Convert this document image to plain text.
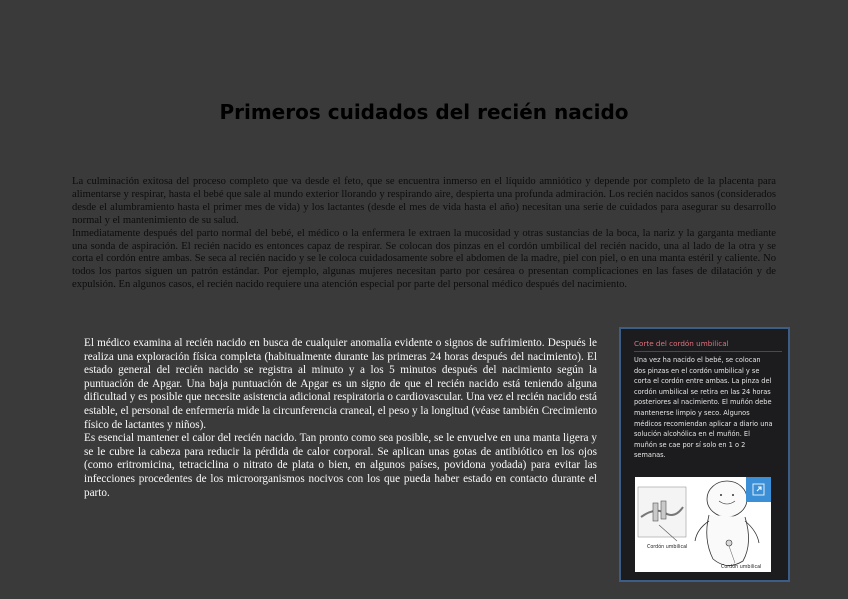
Primeros cuidados del recién nacido

La culminación exitosa del proceso completo que va desde el feto, que se encuentra inmerso en el líquido amniótico y depende por completo de la placenta para alimentarse y respirar, hasta el bebé que sale al mundo exterior llorando y respirando aire, despierta una profunda admiración. Los recién nacidos sanos (considerados desde el alumbramiento hasta el primer mes de vida) y los lactantes (desde el mes de vida hasta el año) necesitan una serie de cuidados para asegurar su desarrollo normal y el mantenimiento de su salud.

Inmediatamente después del parto normal del bebé, el médico o la enfermera le extraen la mucosidad y otras sustancias de la boca, la nariz y la garganta mediante una sonda de aspiración. El recién nacido es entonces capaz de respirar. Se colocan dos pinzas en el cordón umbilical del recién nacido, una al lado de la otra y se corta el cordón entre ambas. Se seca al recién nacido y se le coloca cuidadosamente sobre el abdomen de la madre, piel con piel, o en una manta estéril y caliente. No todos los partos siguen un patrón estándar. Por ejemplo, algunas mujeres necesitan parto por cesárea o presentan complicaciones en las fases de dilatación y de expulsión. En algunos casos, el recién nacido requiere una atención especial por parte del personal médico después del nacimiento.

El médico examina al recién nacido en busca de cualquier anomalía evidente o signos de sufrimiento. Después le realiza una exploración física completa (habitualmente durante las primeras 24 horas después del nacimiento). El estado general del recién nacido se registra al minuto y a los 5 minutos después del nacimiento según la puntuación de Apgar. Una baja puntuación de Apgar es un signo de que el recién nacido está teniendo alguna dificultad y es posible que necesite asistencia adicional respiratoria o cardiovascular. Una vez el recién nacido está estable, el personal de enfermería mide la circunferencia craneal, el peso y la longitud (véase también Crecimiento físico de lactantes y niños).

Es esencial mantener el calor del recién nacido. Tan pronto como sea posible, se le envuelve en una manta ligera y se le cubre la cabeza para reducir la pérdida de calor corporal. Se aplican unas gotas de antibiótico en los ojos (como eritromicina, tetraciclina o nitrato de plata o bien, en algunos países, povidona yodada) para evitar las infecciones procedentes de los microorganismos nocivos con los que pueda haber estado en contacto durante el parto.

Corte del cordón umbilical
Una vez ha nacido el bebé, se colocan dos pinzas en el cordón umbilical y se corta el cordón entre ambas. La pinza del cordón umbilical se retira en las 24 horas posteriores al nacimiento. El muñón debe mantenerse limpio y seco. Algunos médicos recomiendan aplicar a diario una solución alcohólica en el muñón. El muñón se cae por sí solo en 1 o 2 semanas.
Cordón umbilical
Cordón umbilical
